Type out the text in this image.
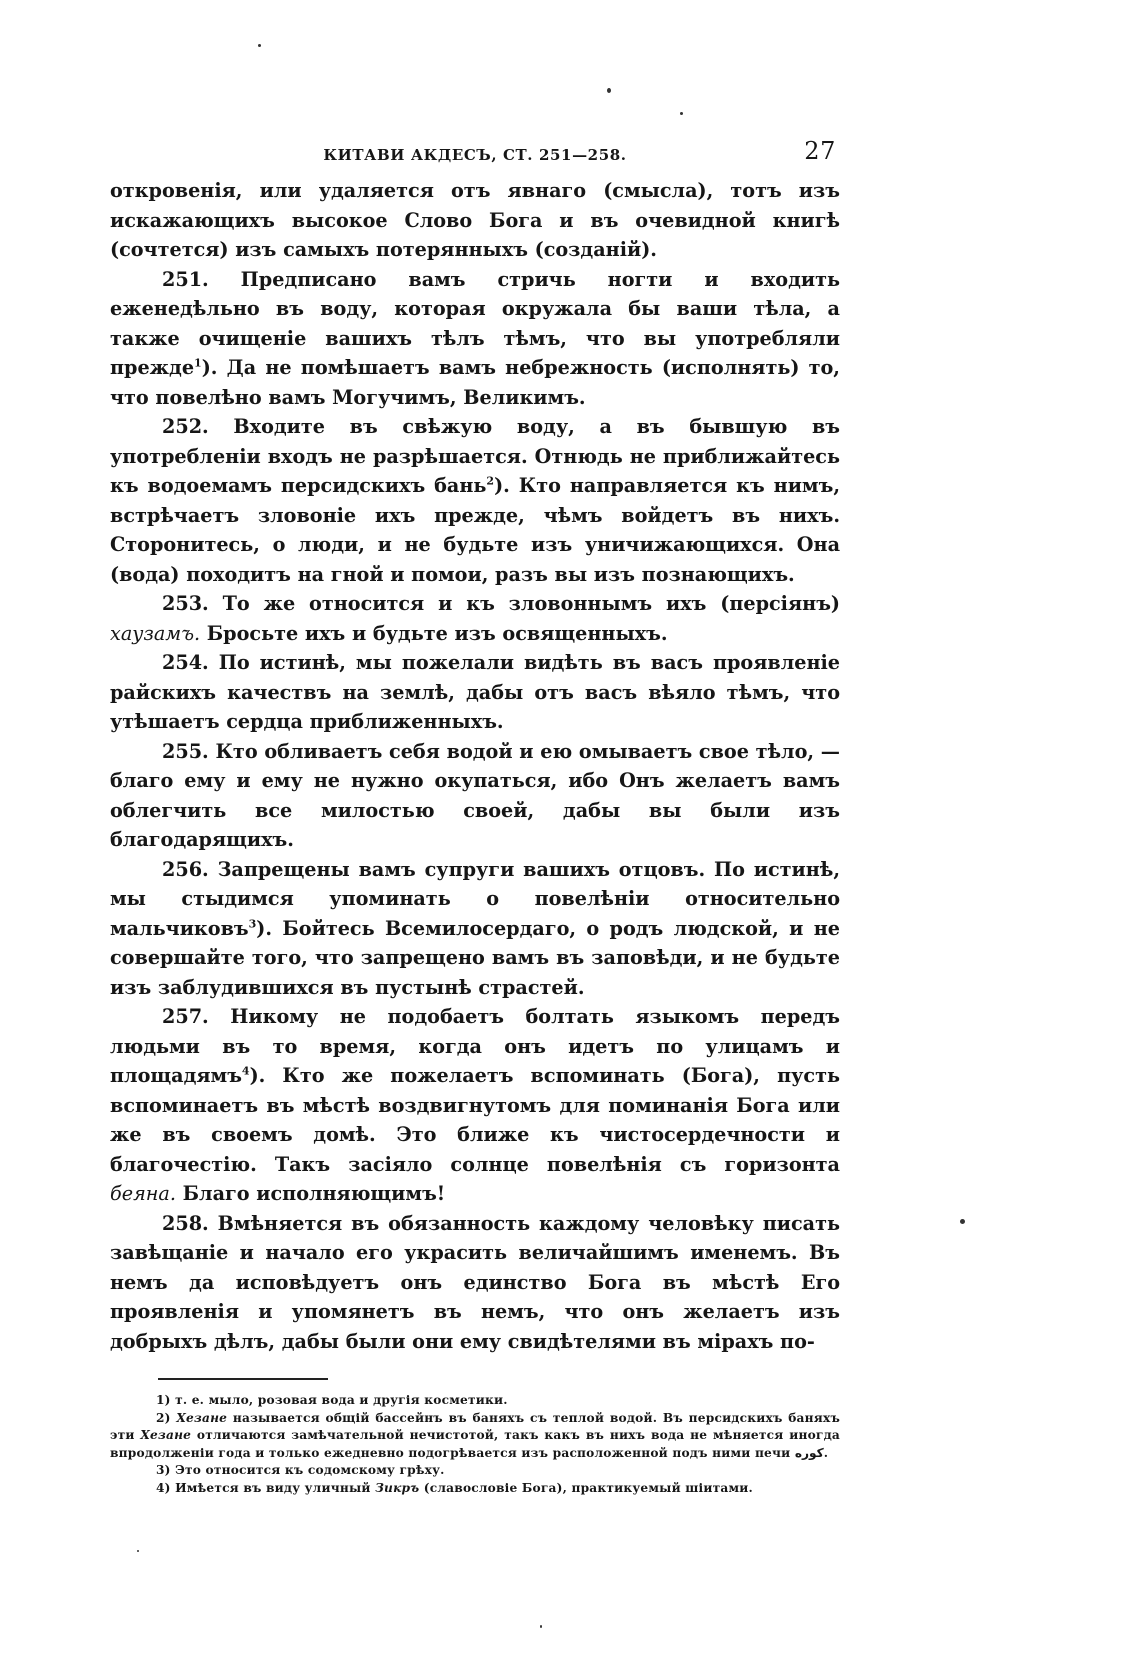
КИТАВИ АКДЕСЪ, СТ. 251—258.	27

откровенія, или удаляется отъ явнаго (смысла), тотъ изъ искажающихъ высокое Слово Бога и въ очевидной книгѣ (сочтется) изъ самыхъ потерянныхъ (созданій).

251. Предписано вамъ стричь ногти и входить еженедѣльно въ воду, которая окружала бы ваши тѣла, а также очищеніе вашихъ тѣлъ тѣмъ, что вы употребляли прежде$^1$). Да не помѣшаетъ вамъ небрежность (исполнять) то, что повелѣно вамъ Могучимъ, Великимъ.

252. Входите въ свѣжую воду, а въ бывшую въ употребленіи входъ не разрѣшается. Отнюдь не приближайтесь къ водоемамъ персидскихъ бань$^2$). Кто направляется къ нимъ, встрѣчаетъ зловоніе ихъ прежде, чѣмъ войдетъ въ нихъ. Сторонитесь, о люди, и не будьте изъ уничижающихся. Она (вода) походитъ на гной и помои, разъ вы изъ познающихъ.

253. То же относится и къ зловоннымъ ихъ (персіянъ) хаузамъ. Бросьте ихъ и будьте изъ освященныхъ.

254. По истинѣ, мы пожелали видѣть въ васъ проявленіе райскихъ качествъ на землѣ, дабы отъ васъ вѣяло тѣмъ, что утѣшаетъ сердца приближенныхъ.

255. Кто обливаетъ себя водой и ею омываетъ свое тѣло, — благо ему и ему не нужно окупаться, ибо Онъ желаетъ вамъ облегчить все милостью своей, дабы вы были изъ благодарящихъ.

256. Запрещены вамъ супруги вашихъ отцовъ. По истинѣ, мы стыдимся упоминать о повелѣніи относительно мальчиковъ$^3$). Бойтесь Всемилосердаго, о родъ людской, и не совершайте того, что запрещено вамъ въ заповѣди, и не будьте изъ заблудившихся въ пустынѣ страстей.

257. Никому не подобаетъ болтать языкомъ передъ людьми въ то время, когда онъ идетъ по улицамъ и площадямъ$^4$). Кто же пожелаетъ вспоминать (Бога), пусть вспоминаетъ въ мѣстѣ воздвигнутомъ для поминанія Бога или же въ своемъ домѣ. Это ближе къ чистосердечности и благочестію. Такъ засіяло солнце повелѣнія съ горизонта беяна. Благо исполняющимъ!

258. Вмѣняется въ обязанность каждому человѣку писать завѣщаніе и начало его украсить величайшимъ именемъ. Въ немъ да исповѣдуетъ онъ единство Бога въ мѣстѣ Его проявленія и упомянетъ въ немъ, что онъ желаетъ изъ добрыхъ дѣлъ, дабы были они ему свидѣтелями въ мірахъ по-

1) т. е. мыло, розовая вода и другія косметики.

2) Хезане называется общій бассейнъ въ баняхъ съ теплой водой. Въ персидскихъ баняхъ эти Хезане отличаются замѣчательной нечистотой, такъ какъ въ нихъ вода не мѣняется иногда впродолженіи года и только ежедневно подогрѣвается изъ расположенной подъ ними печи كوره.

3) Это относится къ содомскому грѣху.

4) Имѣется въ виду уличный Зикръ (славословіе Бога), практикуемый шіитами.
